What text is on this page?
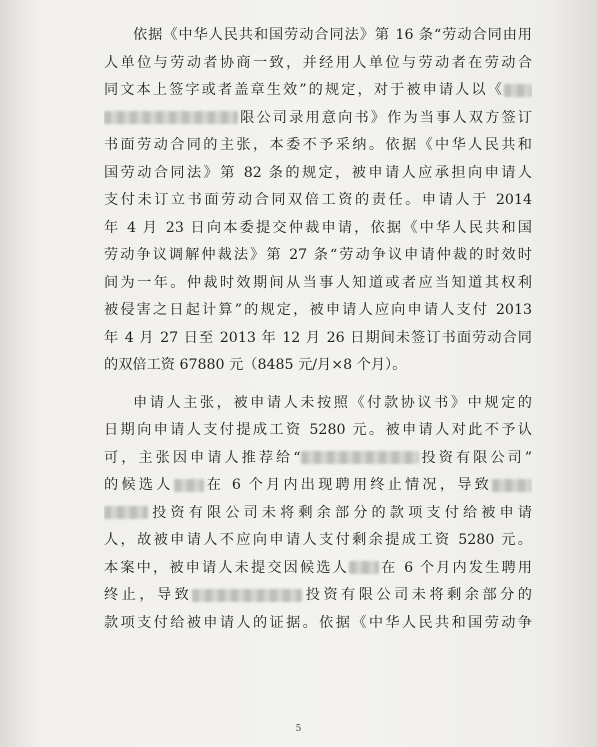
依据《中华人民共和国劳动合同法》第 16 条“劳动合同由用
人单位与劳动者协商一致，并经用人单位与劳动者在劳动合
同文本上签字或者盖章生效”的规定，对于被申请人以《
限公司录用意向书》作为当事人双方签订
书面劳动合同的主张，本委不予采纳。依据《中华人民共和
国劳动合同法》第 82 条的规定，被申请人应承担向申请人
支付未订立书面劳动合同双倍工资的责任。申请人于 2014
年 4 月 23 日向本委提交仲裁申请，依据《中华人民共和国
劳动争议调解仲裁法》第 27 条“劳动争议申请仲裁的时效时
间为一年。仲裁时效期间从当事人知道或者应当知道其权利
被侵害之日起计算”的规定，被申请人应向申请人支付 2013
年 4 月 27 日至 2013 年 12 月 26 日期间未签订书面劳动合同
的双倍工资 67880 元（8485 元/月×8 个月）。
申请人主张，被申请人未按照《付款协议书》中规定的
日期向申请人支付提成工资 5280 元。被申请人对此不予认
可，主张因申请人推荐给“	投资有限公司”
的候选人 在 6 个月内出现聘用终止情况，导致
投资有限公司未将剩余部分的款项支付给被申请
人，故被申请人不应向申请人支付剩余提成工资 5280 元。
本案中，被申请人未提交因候选人 在 6 个月内发生聘用
终止，导致	投资有限公司未将剩余部分的
款项支付给被申请人的证据。依据《中华人民共和国劳动争
5
